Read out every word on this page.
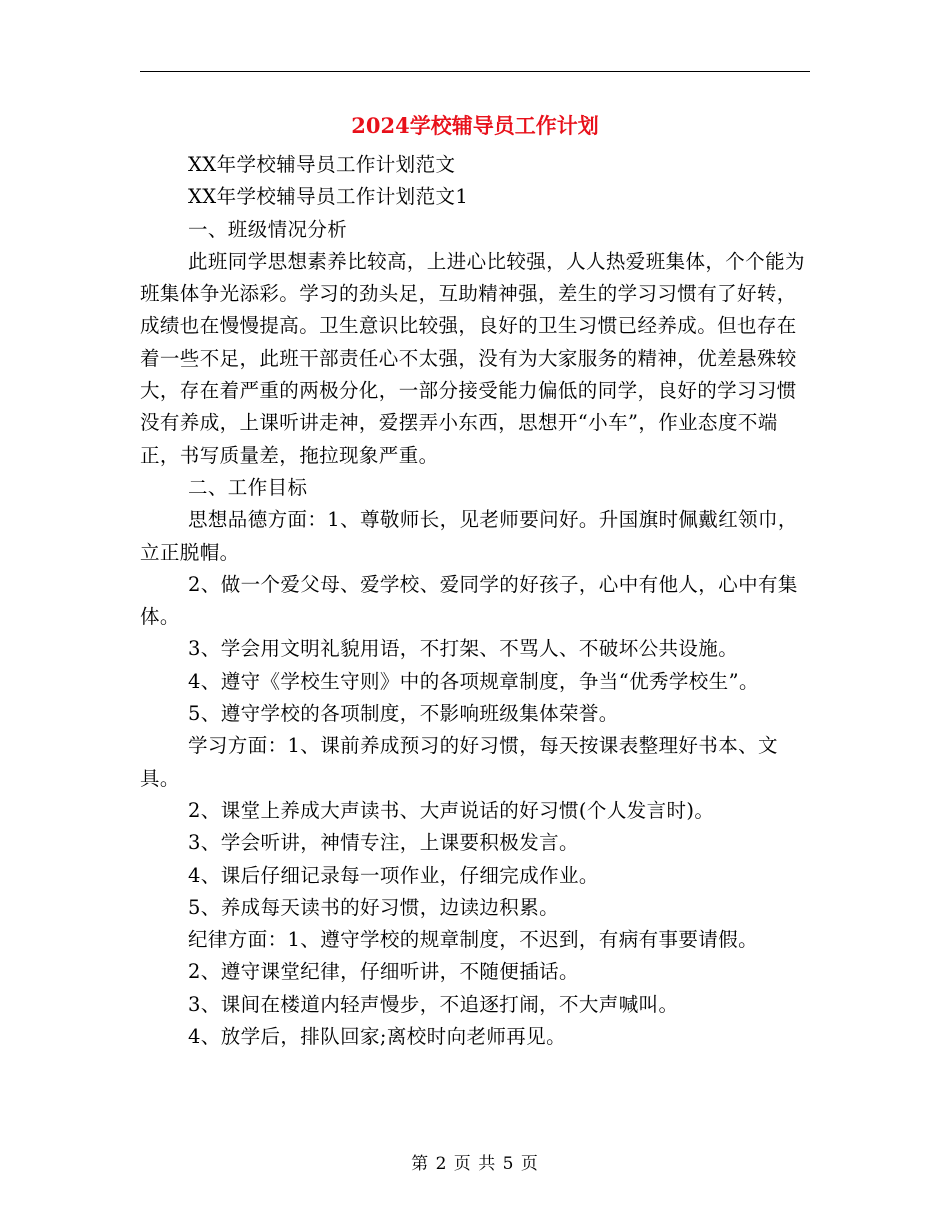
2024学校辅导员工作计划

XX年学校辅导员工作计划范文

XX年学校辅导员工作计划范文1

一、班级情况分析

此班同学思想素养比较高，上进心比较强，人人热爱班集体，个个能为班集体争光添彩。学习的劲头足，互助精神强，差生的学习习惯有了好转，成绩也在慢慢提高。卫生意识比较强，良好的卫生习惯已经养成。但也存在着一些不足，此班干部责任心不太强，没有为大家服务的精神，优差悬殊较大，存在着严重的两极分化，一部分接受能力偏低的同学，良好的学习习惯没有养成，上课听讲走神，爱摆弄小东西，思想开“小车”，作业态度不端正，书写质量差，拖拉现象严重。

二、工作目标

思想品德方面：1、尊敬师长，见老师要问好。升国旗时佩戴红领巾，立正脱帽。

2、做一个爱父母、爱学校、爱同学的好孩子，心中有他人，心中有集体。

3、学会用文明礼貌用语，不打架、不骂人、不破坏公共设施。

4、遵守《学校生守则》中的各项规章制度，争当“优秀学校生”。

5、遵守学校的各项制度，不影响班级集体荣誉。

学习方面：1、课前养成预习的好习惯，每天按课表整理好书本、文具。

2、课堂上养成大声读书、大声说话的好习惯(个人发言时)。

3、学会听讲，神情专注，上课要积极发言。

4、课后仔细记录每一项作业，仔细完成作业。

5、养成每天读书的好习惯，边读边积累。

纪律方面：1、遵守学校的规章制度，不迟到，有病有事要请假。

2、遵守课堂纪律，仔细听讲，不随便插话。

3、课间在楼道内轻声慢步，不追逐打闹，不大声喊叫。

4、放学后，排队回家;离校时向老师再见。

第 2 页 共 5 页
